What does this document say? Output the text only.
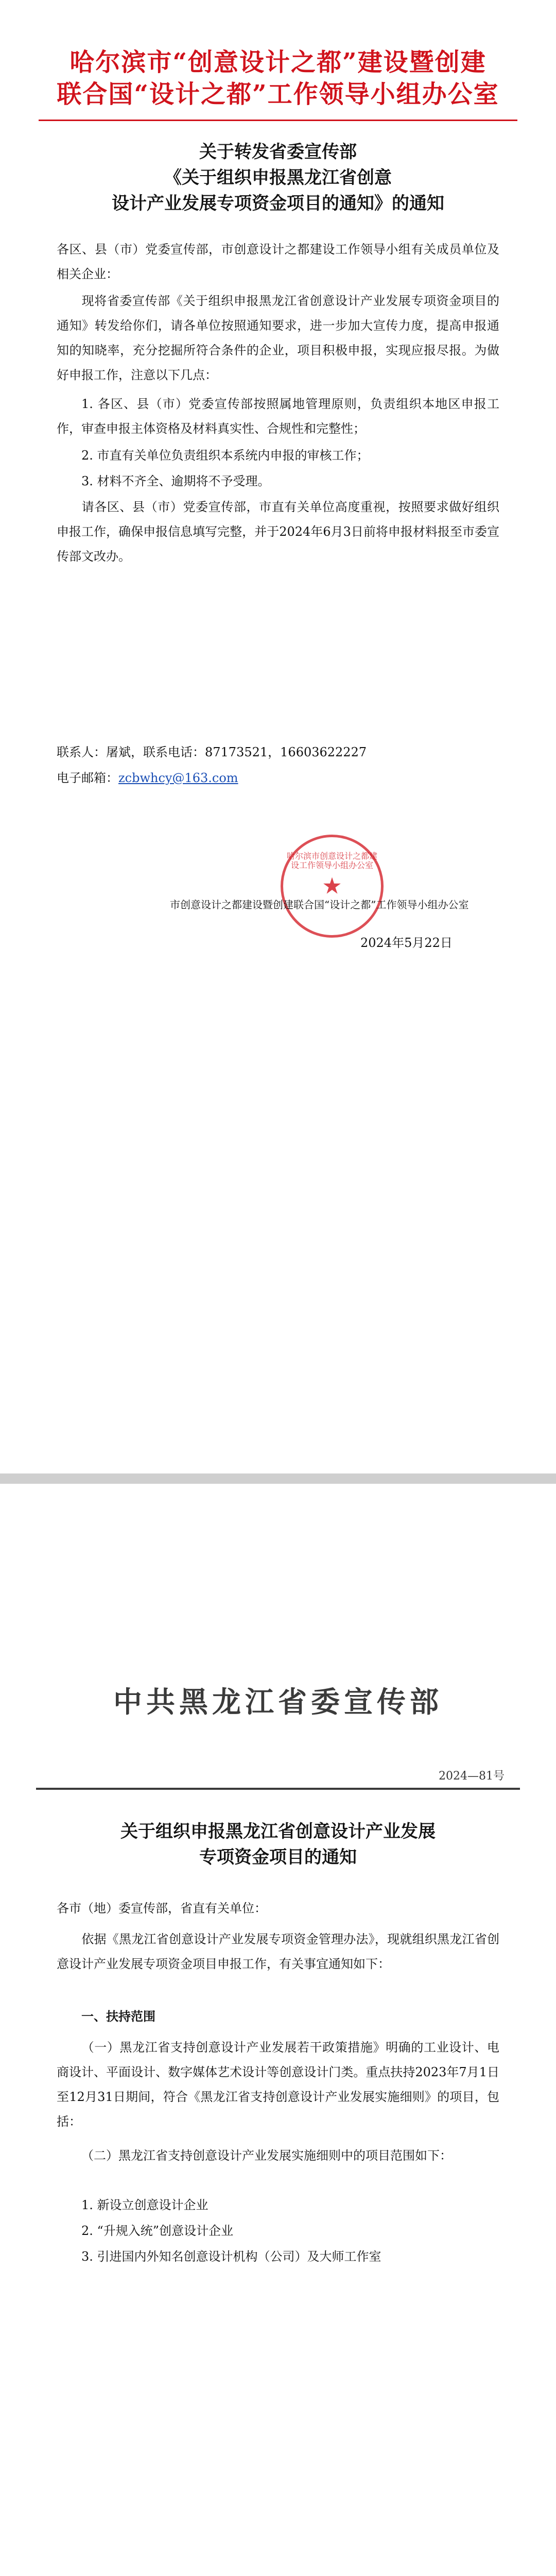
哈尔滨市“创意设计之都”建设暨创建
联合国“设计之都”工作领导小组办公室
关于转发省委宣传部
《关于组织申报黑龙江省创意
设计产业发展专项资金项目的通知》的通知
各区、县（市）党委宣传部，市创意设计之都建设工作领导小组有关成员单位及相关企业：
现将省委宣传部《关于组织申报黑龙江省创意设计产业发展专项资金项目的通知》转发给你们，请各单位按照通知要求，进一步加大宣传力度，提高申报通知的知晓率，充分挖掘所符合条件的企业，项目积极申报，实现应报尽报。为做好申报工作，注意以下几点：
1. 各区、县（市）党委宣传部按照属地管理原则，负责组织本地区申报工作，审查申报主体资格及材料真实性、合规性和完整性；
2. 市直有关单位负责组织本系统内申报的审核工作；
3. 材料不齐全、逾期将不予受理。
请各区、县（市）党委宣传部，市直有关单位高度重视，按照要求做好组织申报工作，确保申报信息填写完整，并于2024年6月3日前将申报材料报至市委宣传部文改办。
联系人：屠斌，联系电话：87173521，16603622227
电子邮箱：zcbwhcy@163.com
哈尔滨市创意设计之都建设工作领导小组办公室
★
市创意设计之都建设暨创建联合国“设计之都”工作领导小组办公室
2024年5月22日
中共黑龙江省委宣传部
2024—81号
关于组织申报黑龙江省创意设计产业发展
专项资金项目的通知
各市（地）委宣传部，省直有关单位：
依据《黑龙江省创意设计产业发展专项资金管理办法》，现就组织黑龙江省创意设计产业发展专项资金项目申报工作，有关事宜通知如下：
一、扶持范围
（一）黑龙江省支持创意设计产业发展若干政策措施》明确的工业设计、电商设计、平面设计、数字媒体艺术设计等创意设计门类。重点扶持2023年7月1日至12月31日期间，符合《黑龙江省支持创意设计产业发展实施细则》的项目，包括：
（二）黑龙江省支持创意设计产业发展实施细则中的项目范围如下：
1. 新设立创意设计企业
2. “升规入统”创意设计企业
3. 引进国内外知名创意设计机构（公司）及大师工作室
